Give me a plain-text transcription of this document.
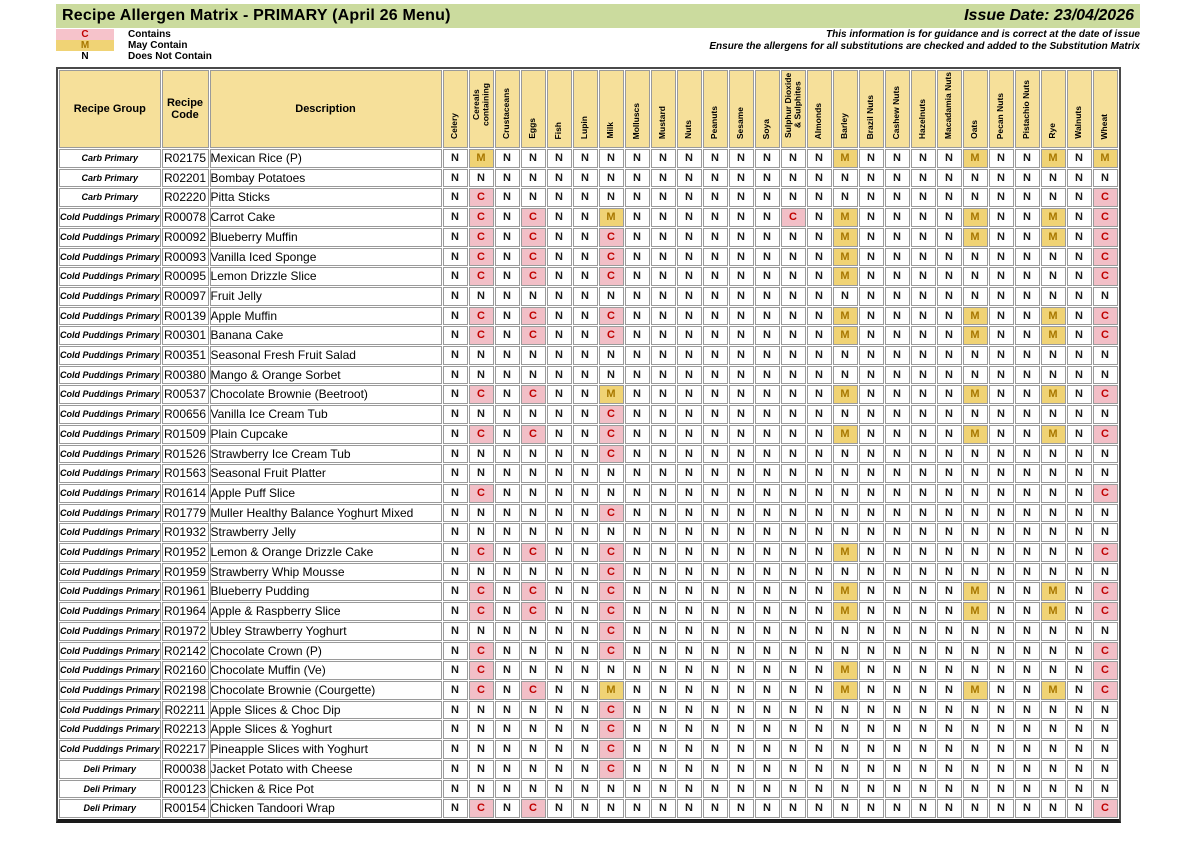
Recipe Allergen Matrix - PRIMARY (April 26 Menu)	Issue Date: 23/04/2026
C	Contains
M	May Contain
N	Does Not Contain
This information is for guidance and is correct at the date of issue
Ensure the allergens for all substitutions are checked and added to the Substitution Matrix
Recipe Group	Recipe Code	Description	Celery	Cereals containing	Crustaceans	Eggs	Fish	Lupin	Milk	Molluscs	Mustard	Nuts	Peanuts	Sesame	Soya	Sulphur Dioxide & Sulphites	Almonds	Barley	Brazil Nuts	Cashew Nuts	Hazelnuts	Macadamia Nuts	Oats	Pecan Nuts	Pistachio Nuts	Rye	Walnuts	Wheat
Carb Primary	R02175	Mexican Rice (P)	N	M	N	N	N	N	N	N	N	N	N	N	N	N	N	M	N	N	N	N	M	N	N	M	N	M
Carb Primary	R02201	Bombay Potatoes	N	N	N	N	N	N	N	N	N	N	N	N	N	N	N	N	N	N	N	N	N	N	N	N	N	N
Carb Primary	R02220	Pitta Sticks	N	C	N	N	N	N	N	N	N	N	N	N	N	N	N	N	N	N	N	N	N	N	N	N	N	C
Cold Puddings Primary	R00078	Carrot Cake	N	C	N	C	N	N	M	N	N	N	N	N	N	C	N	M	N	N	N	N	M	N	N	M	N	C
Cold Puddings Primary	R00092	Blueberry Muffin	N	C	N	C	N	N	C	N	N	N	N	N	N	N	N	M	N	N	N	N	M	N	N	M	N	C
Cold Puddings Primary	R00093	Vanilla Iced Sponge	N	C	N	C	N	N	C	N	N	N	N	N	N	N	N	M	N	N	N	N	N	N	N	N	N	C
Cold Puddings Primary	R00095	Lemon Drizzle Slice	N	C	N	C	N	N	C	N	N	N	N	N	N	N	N	M	N	N	N	N	N	N	N	N	N	C
Cold Puddings Primary	R00097	Fruit Jelly	N	N	N	N	N	N	N	N	N	N	N	N	N	N	N	N	N	N	N	N	N	N	N	N	N	N
Cold Puddings Primary	R00139	Apple Muffin	N	C	N	C	N	N	C	N	N	N	N	N	N	N	N	M	N	N	N	N	M	N	N	M	N	C
Cold Puddings Primary	R00301	Banana Cake	N	C	N	C	N	N	C	N	N	N	N	N	N	N	N	M	N	N	N	N	M	N	N	M	N	C
Cold Puddings Primary	R00351	Seasonal Fresh Fruit Salad	N	N	N	N	N	N	N	N	N	N	N	N	N	N	N	N	N	N	N	N	N	N	N	N	N	N
Cold Puddings Primary	R00380	Mango & Orange Sorbet	N	N	N	N	N	N	N	N	N	N	N	N	N	N	N	N	N	N	N	N	N	N	N	N	N	N
Cold Puddings Primary	R00537	Chocolate Brownie (Beetroot)	N	C	N	C	N	N	M	N	N	N	N	N	N	N	N	M	N	N	N	N	M	N	N	M	N	C
Cold Puddings Primary	R00656	Vanilla Ice Cream Tub	N	N	N	N	N	N	C	N	N	N	N	N	N	N	N	N	N	N	N	N	N	N	N	N	N	N
Cold Puddings Primary	R01509	Plain Cupcake	N	C	N	C	N	N	C	N	N	N	N	N	N	N	N	M	N	N	N	N	M	N	N	M	N	C
Cold Puddings Primary	R01526	Strawberry Ice Cream Tub	N	N	N	N	N	N	C	N	N	N	N	N	N	N	N	N	N	N	N	N	N	N	N	N	N	N
Cold Puddings Primary	R01563	Seasonal Fruit Platter	N	N	N	N	N	N	N	N	N	N	N	N	N	N	N	N	N	N	N	N	N	N	N	N	N	N
Cold Puddings Primary	R01614	Apple Puff Slice	N	C	N	N	N	N	N	N	N	N	N	N	N	N	N	N	N	N	N	N	N	N	N	N	N	C
Cold Puddings Primary	R01779	Muller Healthy Balance Yoghurt Mixed	N	N	N	N	N	N	C	N	N	N	N	N	N	N	N	N	N	N	N	N	N	N	N	N	N	N
Cold Puddings Primary	R01932	Strawberry Jelly	N	N	N	N	N	N	N	N	N	N	N	N	N	N	N	N	N	N	N	N	N	N	N	N	N	N
Cold Puddings Primary	R01952	Lemon & Orange Drizzle Cake	N	C	N	C	N	N	C	N	N	N	N	N	N	N	N	M	N	N	N	N	N	N	N	N	N	C
Cold Puddings Primary	R01959	Strawberry Whip Mousse	N	N	N	N	N	N	C	N	N	N	N	N	N	N	N	N	N	N	N	N	N	N	N	N	N	N
Cold Puddings Primary	R01961	Blueberry Pudding	N	C	N	C	N	N	C	N	N	N	N	N	N	N	N	M	N	N	N	N	M	N	N	M	N	C
Cold Puddings Primary	R01964	Apple & Raspberry Slice	N	C	N	C	N	N	C	N	N	N	N	N	N	N	N	M	N	N	N	N	M	N	N	M	N	C
Cold Puddings Primary	R01972	Ubley Strawberry Yoghurt	N	N	N	N	N	N	C	N	N	N	N	N	N	N	N	N	N	N	N	N	N	N	N	N	N	N
Cold Puddings Primary	R02142	Chocolate Crown (P)	N	C	N	N	N	N	C	N	N	N	N	N	N	N	N	N	N	N	N	N	N	N	N	N	N	C
Cold Puddings Primary	R02160	Chocolate Muffin (Ve)	N	C	N	N	N	N	N	N	N	N	N	N	N	N	N	M	N	N	N	N	N	N	N	N	N	C
Cold Puddings Primary	R02198	Chocolate Brownie (Courgette)	N	C	N	C	N	N	M	N	N	N	N	N	N	N	N	M	N	N	N	N	M	N	N	M	N	C
Cold Puddings Primary	R02211	Apple Slices & Choc Dip	N	N	N	N	N	N	C	N	N	N	N	N	N	N	N	N	N	N	N	N	N	N	N	N	N	N
Cold Puddings Primary	R02213	Apple Slices & Yoghurt	N	N	N	N	N	N	C	N	N	N	N	N	N	N	N	N	N	N	N	N	N	N	N	N	N	N
Cold Puddings Primary	R02217	Pineapple Slices with Yoghurt	N	N	N	N	N	N	C	N	N	N	N	N	N	N	N	N	N	N	N	N	N	N	N	N	N	N
Deli Primary	R00038	Jacket Potato with Cheese	N	N	N	N	N	N	C	N	N	N	N	N	N	N	N	N	N	N	N	N	N	N	N	N	N	N
Deli Primary	R00123	Chicken & Rice Pot	N	N	N	N	N	N	N	N	N	N	N	N	N	N	N	N	N	N	N	N	N	N	N	N	N	N
Deli Primary	R00154	Chicken Tandoori Wrap	N	C	N	C	N	N	N	N	N	N	N	N	N	N	N	N	N	N	N	N	N	N	N	N	N	C
